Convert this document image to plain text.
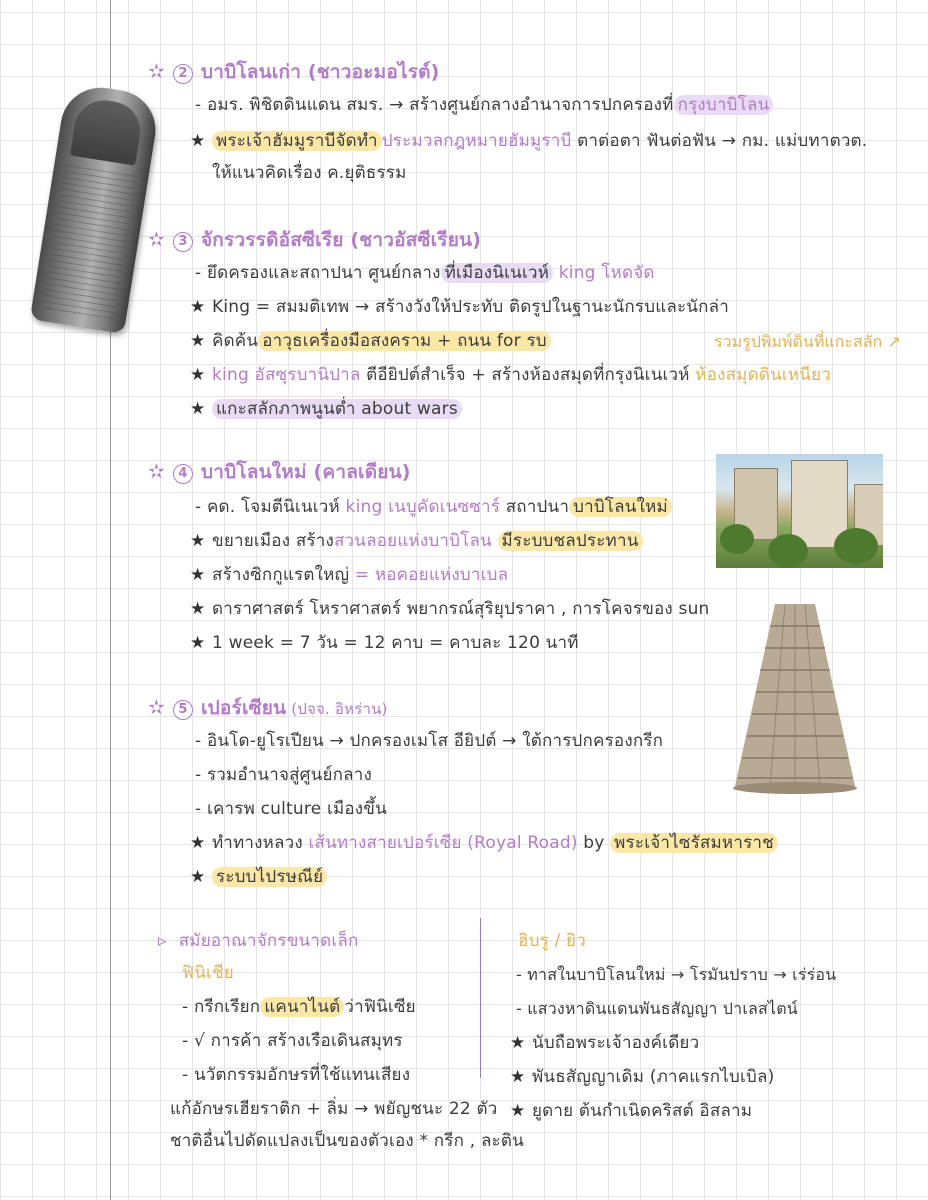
✫ 2 บาบิโลนเก่า (ชาวอะมอไรต์)
- อมร. พิชิตดินแดน สมร. → สร้างศูนย์กลางอำนาจการปกครองที่ กรุงบาบิโลน
★ พระเจ้าฮัมมูราบีจัดทำ ประมวลกฎหมายฮัมมูราบี ตาต่อตา ฟันต่อฟัน → กม. แม่บทาตวต.
ให้แนวคิดเรื่อง ค.ยุติธรรม
✫ 3 จักรวรรดิอัสซีเรีย (ชาวอัสซีเรียน)
- ยึดครองและสถาปนา ศูนย์กลาง ที่เมืองนิเนเวห์ king โหดจัด
★ King = สมมติเทพ → สร้างวังให้ประทับ ติดรูปในฐานะนักรบและนักล่า
★ คิดค้น อาวุธเครื่องมือสงคราม + ถนน for รบ	รวมรูปพิมพ์ดินที่แกะสลัก ↗
★ king อัสซุรบานิปาล ตีอียิปต์สำเร็จ + สร้างห้องสมุดที่กรุงนิเนเวห์ ห้องสมุดดินเหนียว
★ แกะสลักภาพนูนต่ำ about wars
✫ 4 บาบิโลนใหม่ (คาลเดียน)
- คด. โจมตีนิเนเวห์ king เนบูคัดเนซซาร์ สถาปนา บาบิโลนใหม่
★ ขยายเมือง สร้างสวนลอยแห่งบาบิโลน มีระบบชลประทาน
★ สร้างซิกกูแรตใหญ่ = หอคอยแห่งบาเบล
★ ดาราศาสตร์ โหราศาสตร์ พยากรณ์สุริยุปราคา , การโคจรของ sun
★ 1 week = 7 วัน = 12 คาบ = คาบละ 120 นาที
✫ 5 เปอร์เซียน (ปจจ. อิหร่าน)
- อินโด-ยูโรเปียน → ปกครองเมโส อียิปต์ → ใต้การปกครองกรีก
- รวมอำนาจสู่ศูนย์กลาง
- เคารพ culture เมืองขึ้น
★ ทำทางหลวง เส้นทางสายเปอร์เซีย (Royal Road) by พระเจ้าไซรัสมหาราช
★ ระบบไปรษณีย์
▹ สมัยอาณาจักรขนาดเล็ก
ฟินิเชีย
- กรีกเรียก แคนาไนต์ ว่าฟินิเซีย
- √ การค้า สร้างเรือเดินสมุทร
- นวัตกรรมอักษรที่ใช้แทนเสียง
แก้อักษรเฮียราติก + ลิ่ม → พยัญชนะ 22 ตัว
ชาติอื่นไปดัดแปลงเป็นของตัวเอง * กรีก , ละติน
ฮิบรู / ยิว
- ทาสในบาบิโลนใหม่ → โรมันปราบ → เร่ร่อน
- แสวงหาดินแดนพันธสัญญา ปาเลสไตน์
★ นับถือพระเจ้าองค์เดียว
★ พันธสัญญาเดิม (ภาคแรกไบเบิล)
★ ยูดาย ต้นกำเนิดคริสต์ อิสลาม
